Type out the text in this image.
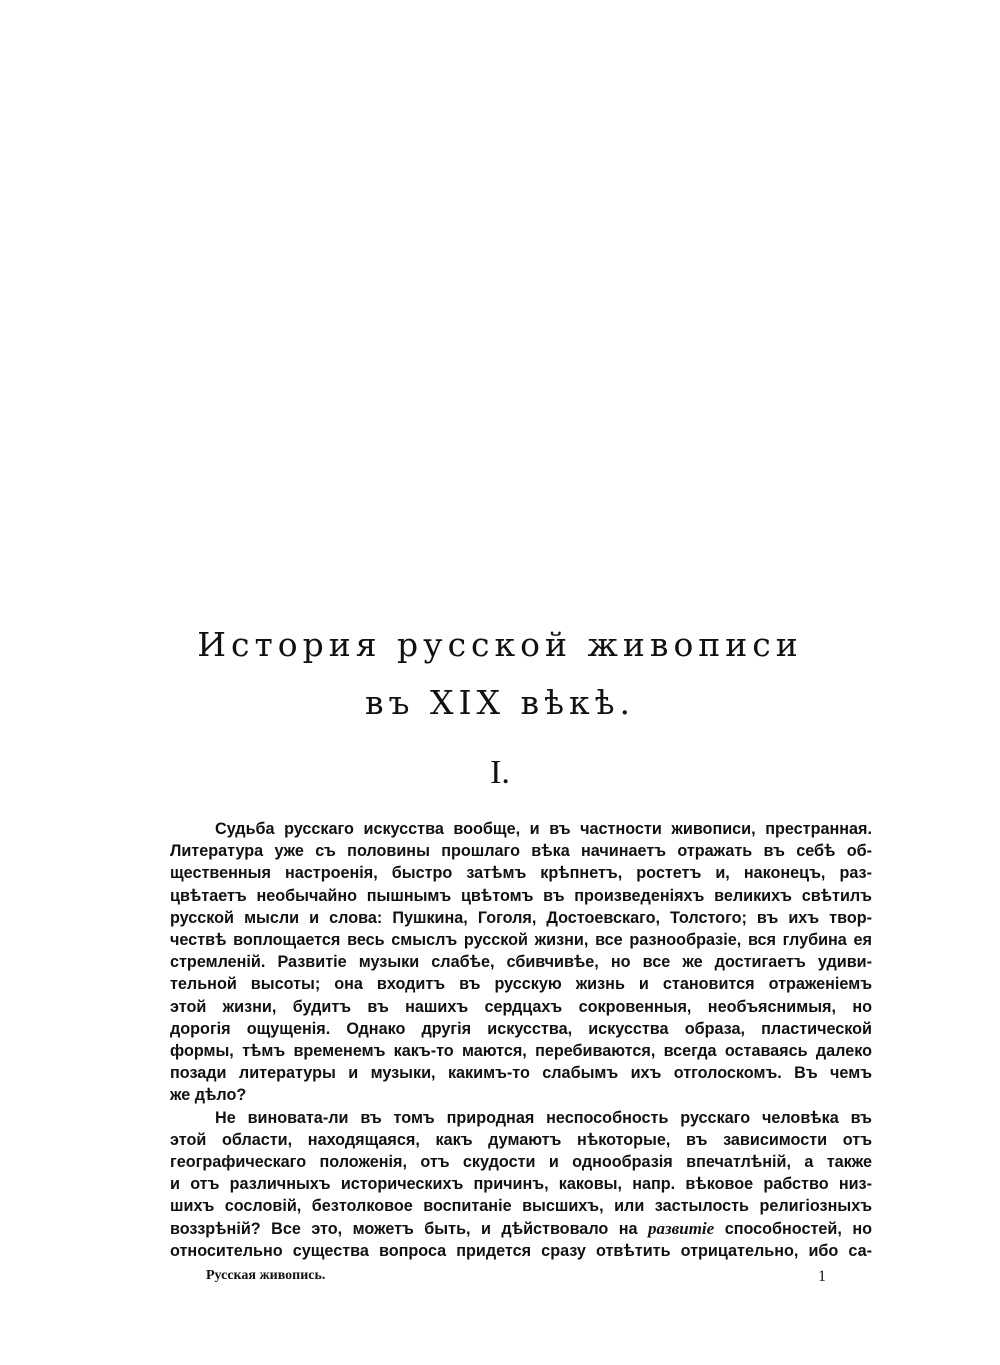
История русской живописи
въ XIX вѣкѣ.
I.

Судьба русскаго искусства вообще, и въ частности живописи, престранная.
Литература уже съ половины прошлаго вѣка начинаетъ отражать въ себѣ об-
щественныя настроенія, быстро затѣмъ крѣпнетъ, ростетъ и, наконецъ, раз-
цвѣтаетъ необычайно пышнымъ цвѣтомъ въ произведеніяхъ великихъ свѣтилъ
русской мысли и слова: Пушкина, Гоголя, Достоевскаго, Толстого; въ ихъ твор-
чествѣ воплощается весь смыслъ русской жизни, все разнообразіе, вся глубина ея
стремленій. Развитіе музыки слабѣе, сбивчивѣе, но все же достигаетъ удиви-
тельной высоты; она входитъ въ русскую жизнь и становится отраженіемъ
этой жизни, будитъ въ нашихъ сердцахъ сокровенныя, необъяснимыя, но
дорогія ощущенія. Однако другія искусства, искусства образа, пластической
формы, тѣмъ временемъ какъ-то маются, перебиваются, всегда оставаясь далеко
позади литературы и музыки, какимъ-то слабымъ ихъ отголоскомъ. Въ чемъ
же дѣло?

Не виновата-ли въ томъ природная неспособность русскаго человѣка въ
этой области, находящаяся, какъ думаютъ нѣкоторые, въ зависимости отъ
географическаго положенія, отъ скудости и однообразія впечатлѣній, а также
и отъ различныхъ историческихъ причинъ, каковы, напр. вѣковое рабство низ-
шихъ сословій, безтолковое воспитаніе высшихъ, или застылость религіозныхъ
воззрѣній? Все это, можетъ быть, и дѣйствовало на развитіе способностей, но
относительно существа вопроса придется сразу отвѣтить отрицательно, ибо са-

Русская живопись.	1
